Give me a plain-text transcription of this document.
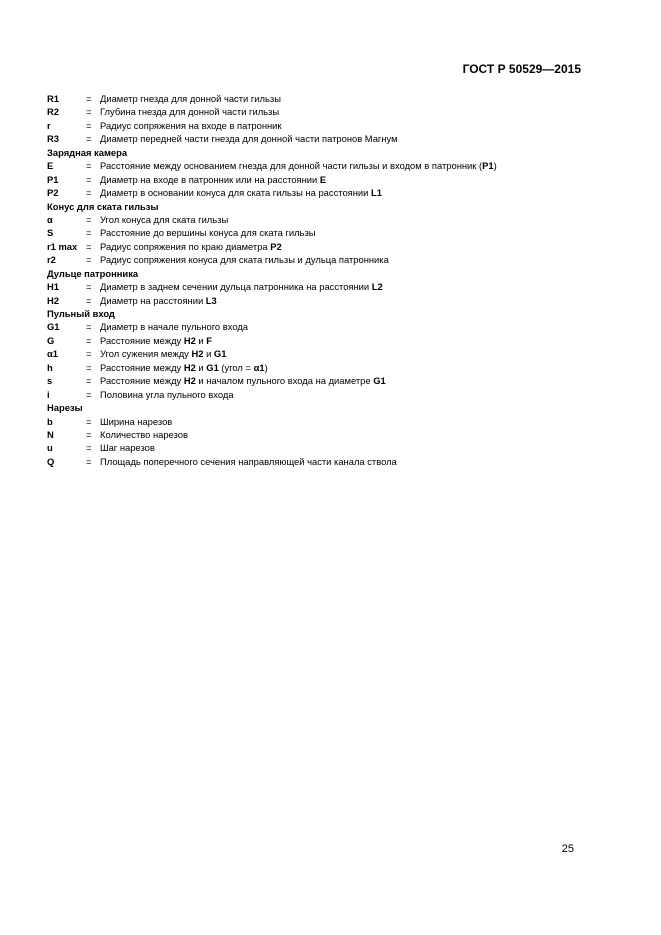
ГОСТ Р 50529—2015

R1	= Диаметр гнезда для донной части гильзы
R2	= Глубина гнезда для донной части гильзы
r	= Радиус сопряжения на входе в патронник
R3	= Диаметр передней части гнезда для донной части патронов Магнум
Зарядная камера
E	= Расстояние между основанием гнезда для донной части гильзы и входом в патронник (P1)
P1	= Диаметр на входе в патронник или на расстоянии E
P2	= Диаметр в основании конуса для ската гильзы на расстоянии L1
Конус для ската гильзы
α	= Угол конуса для ската гильзы
S	= Расстояние до вершины конуса для ската гильзы
r1 max = Радиус сопряжения по краю диаметра P2
r2	= Радиус сопряжения конуса для ската гильзы и дульца патронника
Дульце патронника
H1	= Диаметр в заднем сечении дульца патронника на расстоянии L2
H2	= Диаметр на расстоянии L3
Пульный вход
G1	= Диаметр в начале пульного входа
G	= Расстояние между H2 и F
α1	= Угол сужения между H2 и G1
h	= Расстояние между H2 и G1 (угол = α1)
s	= Расстояние между H2 и началом пульного входа на диаметре G1
i	= Половина угла пульного входа
Нарезы
b	= Ширина нарезов
N	= Количество нарезов
u	= Шаг нарезов
Q	= Площадь поперечного сечения направляющей части канала ствола

25
